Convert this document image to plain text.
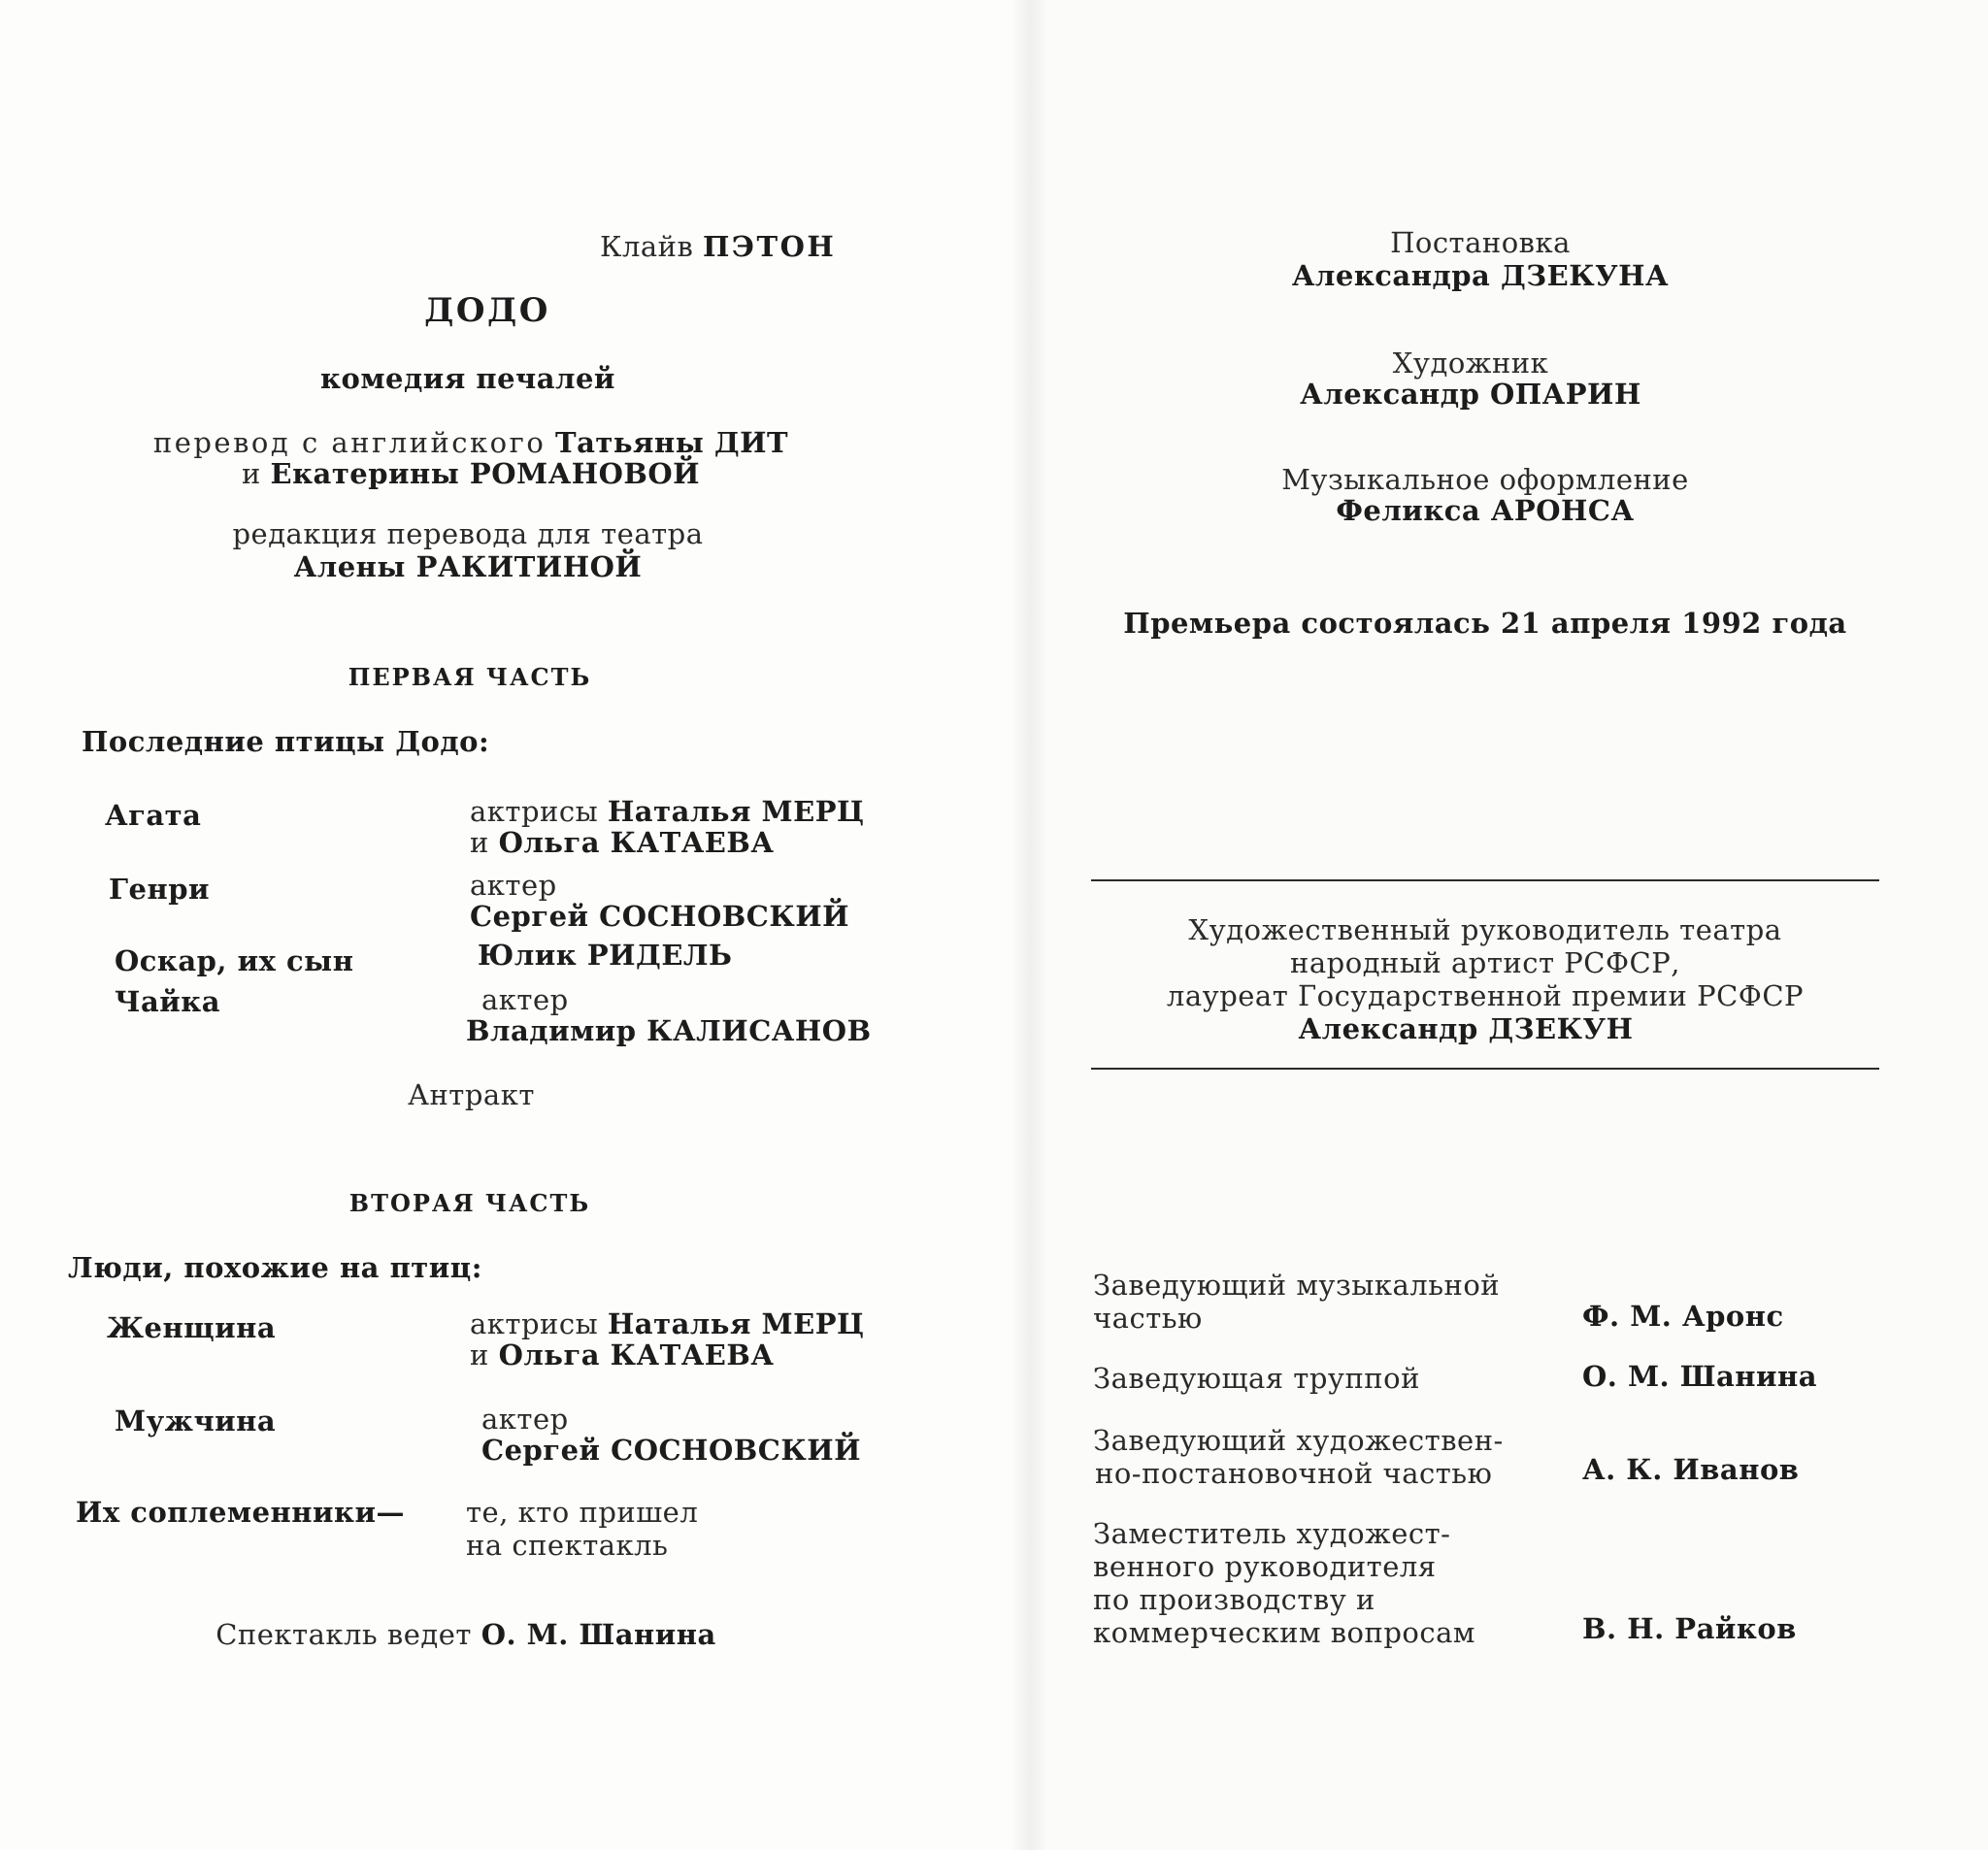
Клайв ПЭТОН
ДОДО
комедия печалей
перевод с английского Татьяны ДИТ
и Екатерины РОМАНОВОЙ
редакция перевода для театра
Алены РАКИТИНОЙ
ПЕРВАЯ ЧАСТЬ
Последние птицы Додо:
Агата	актрисы Наталья МЕРЦ
и Ольга КАТАЕВА
Генри	актер
Сергей СОСНОВСКИЙ
Оскар, их сын	Юлик РИДЕЛЬ
Чайка	актер
Владимир КАЛИСАНОВ
Антракт
ВТОРАЯ ЧАСТЬ
Люди, похожие на птиц:
Женщина	актрисы Наталья МЕРЦ
и Ольга КАТАЕВА
Мужчина	актер
Сергей СОСНОВСКИЙ
Их соплеменники— те, кто пришел
на спектакль
Спектакль ведет О. М. Шанина
Постановка
Александра ДЗЕКУНА
Художник
Александр ОПАРИН
Музыкальное оформление
Феликса АРОНСА
Премьера состоялась 21 апреля 1992 года
Художественный руководитель театра
народный артист РСФСР,
лауреат Государственной премии РСФСР
Александр ДЗЕКУН
Заведующий музыкальной
частью	Ф. М. Аронс
Заведующая труппой	О. М. Шанина
Заведующий художествен-
но-постановочной частью	А. К. Иванов
Заместитель художест-
венного руководителя
по производству и
коммерческим вопросам	В. Н. Райков
